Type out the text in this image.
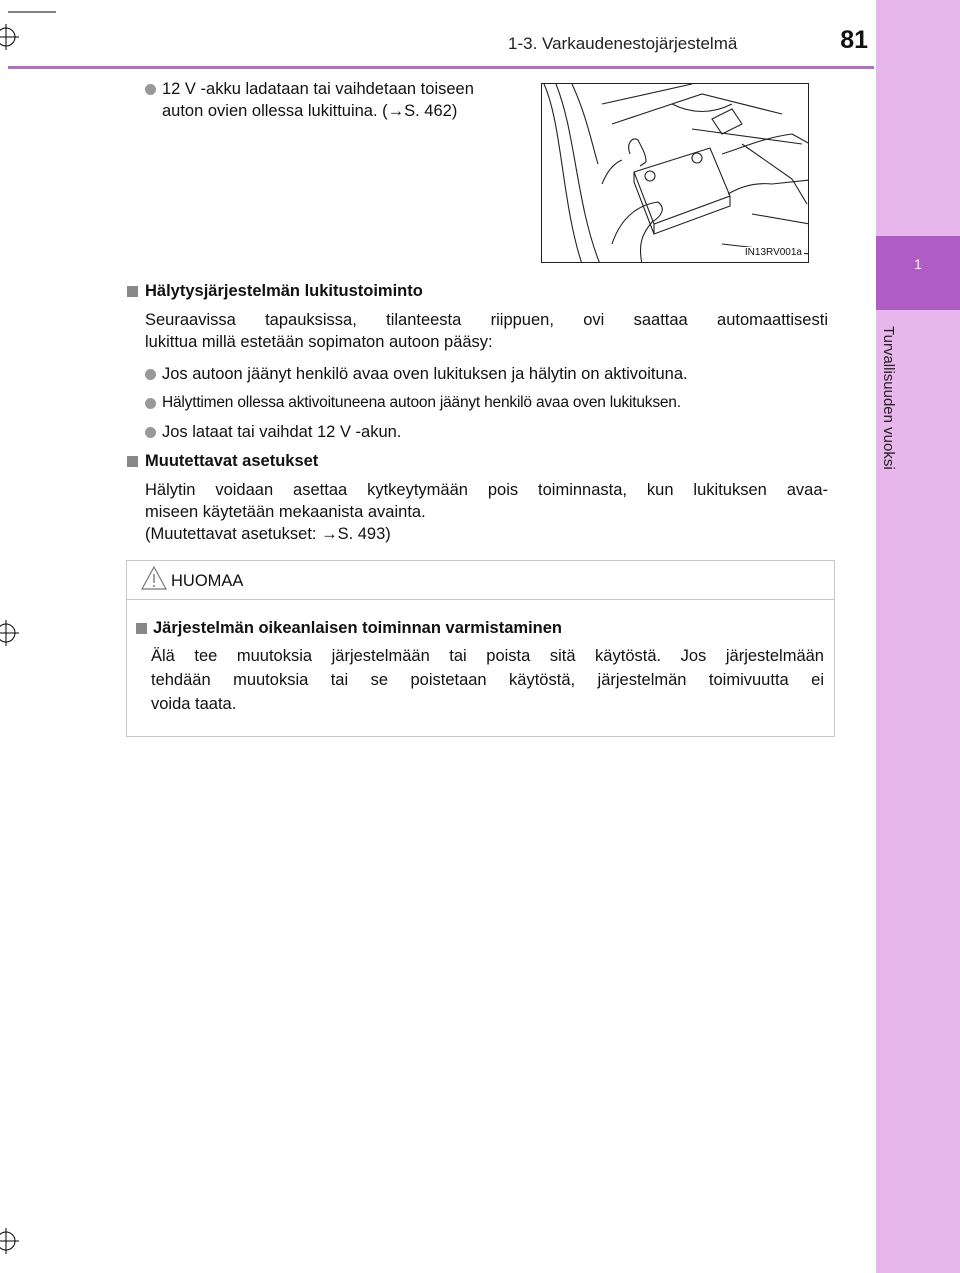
1
Turvallisuuden vuoksi
1-3. Varkaudenestojärjestelmä	81
12 V -akku ladataan tai vaihdetaan toiseen
auton ovien ollessa lukittuina. (→S. 462)
IN13RV001a
Hälytysjärjestelmän lukitustoiminto
Seuraavissa tapauksissa, tilanteesta riippuen, ovi saattaa automaattisesti
lukittua millä estetään sopimaton autoon pääsy:
Jos autoon jäänyt henkilö avaa oven lukituksen ja hälytin on aktivoituna.
Hälyttimen ollessa aktivoituneena autoon jäänyt henkilö avaa oven lukituksen.
Jos lataat tai vaihdat 12 V -akun.
Muutettavat asetukset
Hälytin voidaan asettaa kytkeytymään pois toiminnasta, kun lukituksen avaa-
miseen käytetään mekaanista avainta.
(Muutettavat asetukset: →S. 493)
HUOMAA
Järjestelmän oikeanlaisen toiminnan varmistaminen
Älä tee muutoksia järjestelmään tai poista sitä käytöstä. Jos järjestelmään
tehdään muutoksia tai se poistetaan käytöstä, järjestelmän toimivuutta ei
voida taata.
